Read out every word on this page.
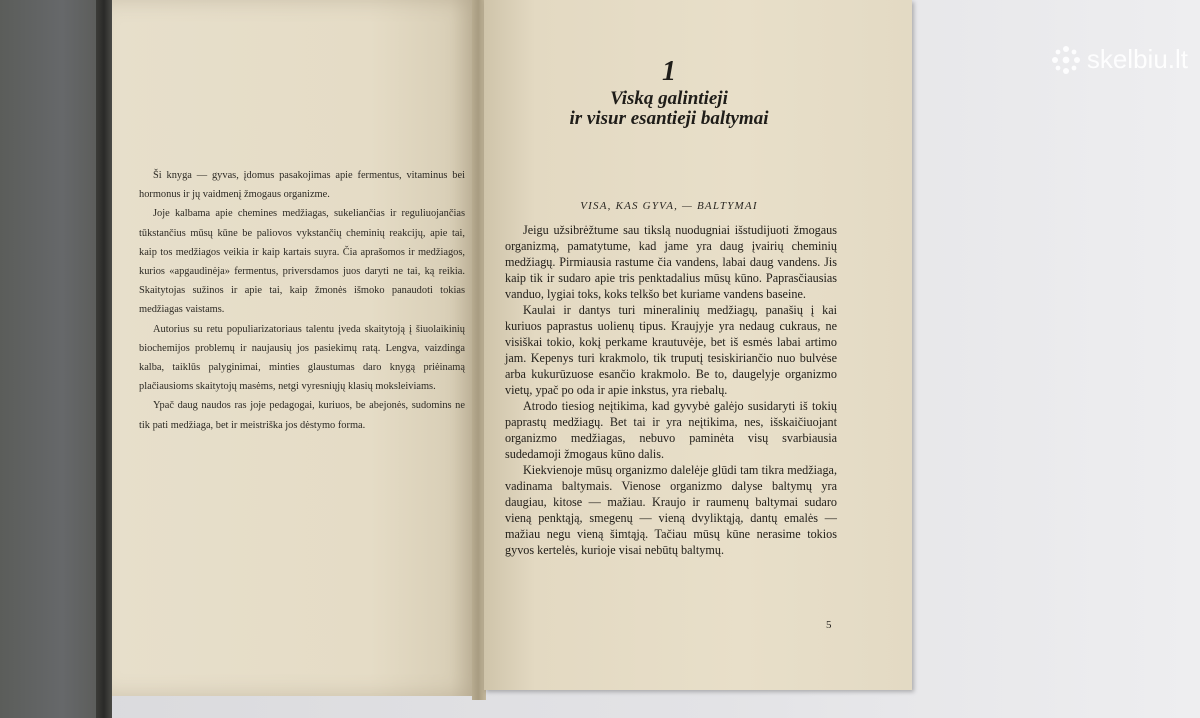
Ši knyga — gyvas, įdomus pasakojimas apie fermentus, vitaminus bei hormonus ir jų vaidmenį žmogaus organizme.

Joje kalbama apie chemines medžiagas, sukeliančias ir reguliuojančias tūkstančius mūsų kūne be paliovos vykstančių cheminių reakcijų, apie tai, kaip tos medžiagos veikia ir kaip kartais suyra. Čia aprašomos ir medžiagos, kurios «apgaudinėja» fermentus, priversdamos juos daryti ne tai, ką reikia. Skaitytojas sužinos ir apie tai, kaip žmonės išmoko panaudoti tokias medžiagas vaistams.

Autorius su retu populiarizatoriaus talentu įveda skaitytoją į šiuolaikinių biochemijos problemų ir naujausių jos pasiekimų ratą. Lengva, vaizdinga kalba, taiklūs palyginimai, minties glaustumas daro knygą priėinamą plačiausioms skaitytojų masėms, netgi vyresniųjų klasių moksleiviams.

Ypač daug naudos ras joje pedagogai, kuriuos, be abejonės, sudomins ne tik pati medžiaga, bet ir meistriška jos dėstymo forma.

1
Viską galintieji
ir visur esantieji baltymai
VISA, KAS GYVA, — BALTYMAI

Jeigu užsibrėžtume sau tikslą nuodugniai išstudijuoti žmogaus organizmą, pamatytume, kad jame yra daug įvairių cheminių medžiagų. Pirmiausia rastume čia vandens, labai daug vandens. Jis kaip tik ir sudaro apie tris penktadalius mūsų kūno. Paprasčiausias vanduo, lygiai toks, koks telkšo bet kuriame vandens baseine.

Kaulai ir dantys turi mineralinių medžiagų, panašių į kai kuriuos paprastus uolienų tipus. Kraujyje yra nedaug cukraus, ne visiškai tokio, kokį perkame krautuvėje, bet iš esmės labai artimo jam. Kepenys turi krakmolo, tik truputį tesiskiriančio nuo bulvėse arba kukurūzuose esančio krakmolo. Be to, daugelyje organizmo vietų, ypač po oda ir apie inkstus, yra riebalų.

Atrodo tiesiog neįtikima, kad gyvybė galėjo susidaryti iš tokių paprastų medžiagų. Bet tai ir yra neįtikima, nes, išskaičiuojant organizmo medžiagas, nebuvo paminėta visų svarbiausia sudedamoji žmogaus kūno dalis.

Kiekvienoje mūsų organizmo dalelėje glūdi tam tikra medžiaga, vadinama baltymais. Vienose organizmo dalyse baltymų yra daugiau, kitose — mažiau. Kraujo ir raumenų baltymai sudaro vieną penktąją, smegenų — vieną dvyliktąją, dantų emalės — mažiau negu vieną šimtąją. Tačiau mūsų kūne nerasime tokios gyvos kertelės, kurioje visai nebūtų baltymų.

5
skelbiu.lt
